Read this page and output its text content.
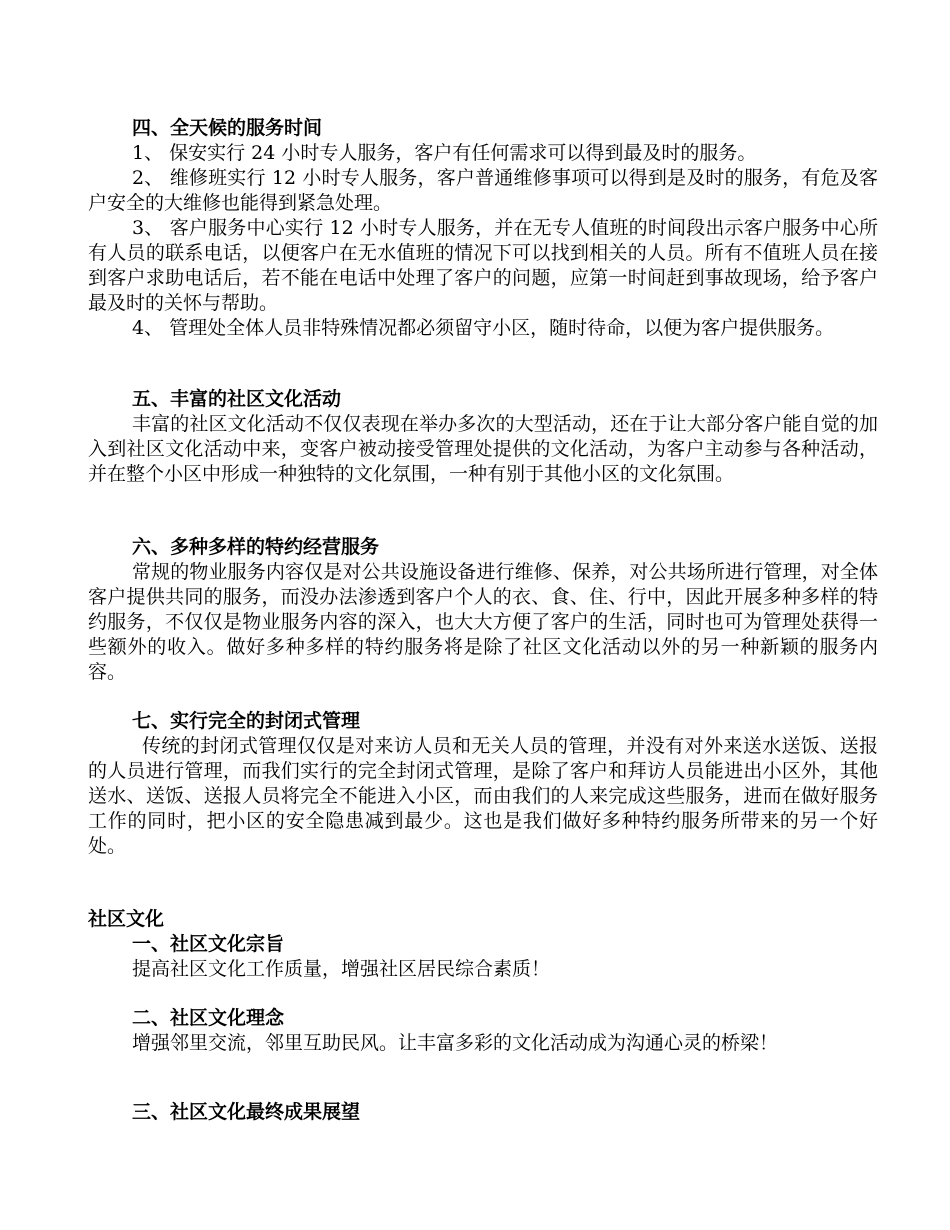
四、全天候的服务时间
1、 保安实行 24 小时专人服务，客户有任何需求可以得到最及时的服务。
2、 维修班实行 12 小时专人服务，客户普通维修事项可以得到是及时的服务，有危及客户安全的大维修也能得到紧急处理。
3、 客户服务中心实行 12 小时专人服务，并在无专人值班的时间段出示客户服务中心所有人员的联系电话，以便客户在无水值班的情况下可以找到相关的人员。所有不值班人员在接到客户求助电话后，若不能在电话中处理了客户的问题，应第一时间赶到事故现场，给予客户最及时的关怀与帮助。
4、 管理处全体人员非特殊情况都必须留守小区，随时待命，以便为客户提供服务。
五、丰富的社区文化活动
丰富的社区文化活动不仅仅表现在举办多次的大型活动，还在于让大部分客户能自觉的加入到社区文化活动中来，变客户被动接受管理处提供的文化活动，为客户主动参与各种活动，并在整个小区中形成一种独特的文化氛围，一种有别于其他小区的文化氛围。
六、多种多样的特约经营服务
常规的物业服务内容仅是对公共设施设备进行维修、保养，对公共场所进行管理，对全体客户提供共同的服务，而没办法渗透到客户个人的衣、食、住、行中，因此开展多种多样的特约服务，不仅仅是物业服务内容的深入，也大大方便了客户的生活，同时也可为管理处获得一些额外的收入。做好多种多样的特约服务将是除了社区文化活动以外的另一种新颖的服务内容。
七、实行完全的封闭式管理
传统的封闭式管理仅仅是对来访人员和无关人员的管理，并没有对外来送水送饭、送报的人员进行管理，而我们实行的完全封闭式管理，是除了客户和拜访人员能进出小区外，其他送水、送饭、送报人员将完全不能进入小区，而由我们的人来完成这些服务，进而在做好服务工作的同时，把小区的安全隐患减到最少。这也是我们做好多种特约服务所带来的另一个好处。
社区文化
一、社区文化宗旨
提高社区文化工作质量，增强社区居民综合素质！
二、社区文化理念
增强邻里交流，邻里互助民风。让丰富多彩的文化活动成为沟通心灵的桥梁！
三、社区文化最终成果展望
